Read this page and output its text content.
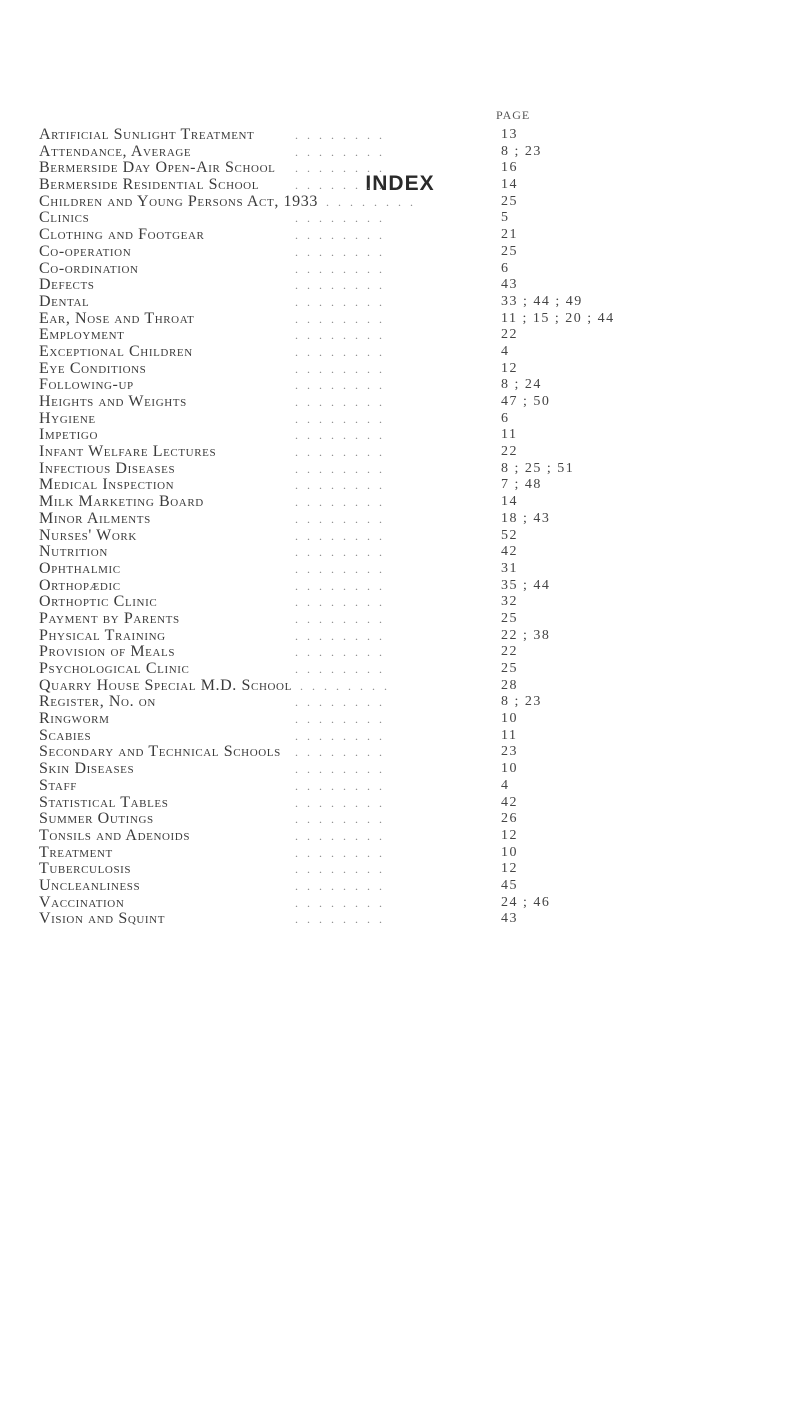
INDEX
PAGE
Artificial Sunlight Treatment	. . . . . . . .	13
Attendance, Average	. . . . . . . .	8 ; 23
Bermerside Day Open-Air School . . . . . . . .	16
Bermerside Residential School	. . . . . . . .	14
Children and Young Persons Act, 1933 . . . . . . . .	25
Clinics	. . . . . . . .	5
Clothing and Footgear	. . . . . . . .	21
Co-operation	. . . . . . . .	25
Co-ordination	. . . . . . . .	6
Defects	. . . . . . . .	43
Dental	. . . . . . . .	33 ; 44 ; 49
Ear, Nose and Throat	. . . . . . . .	11 ; 15 ; 20 ; 44
Employment	. . . . . . . .	22
Exceptional Children	. . . . . . . .	4
Eye Conditions	. . . . . . . .	12
Following-up	. . . . . . . .	8 ; 24
Heights and Weights	. . . . . . . .	47 ; 50
Hygiene	. . . . . . . .	6
Impetigo	. . . . . . . .	11
Infant Welfare Lectures	. . . . . . . .	22
Infectious Diseases	. . . . . . . .	8 ; 25 ; 51
Medical Inspection	. . . . . . . .	7 ; 48
Milk Marketing Board	. . . . . . . .	14
Minor Ailments	. . . . . . . .	18 ; 43
Nurses' Work	. . . . . . . .	52
Nutrition	. . . . . . . .	42
Ophthalmic	. . . . . . . .	31
Orthopædic	. . . . . . . .	35 ; 44
Orthoptic Clinic	. . . . . . . .	32
Payment by Parents	. . . . . . . .	25
Physical Training	. . . . . . . .	22 ; 38
Provision of Meals	. . . . . . . .	22
Psychological Clinic	. . . . . . . .	25
Quarry House Special M.D. School . . . . . . . .	28
Register, No. on	. . . . . . . .	8 ; 23
Ringworm	. . . . . . . .	10
Scabies	. . . . . . . .	11
Secondary and Technical Schools . . . . . . . .	23
Skin Diseases	. . . . . . . .	10
Staff	. . . . . . . .	4
Statistical Tables	. . . . . . . .	42
Summer Outings	. . . . . . . .	26
Tonsils and Adenoids	. . . . . . . .	12
Treatment	. . . . . . . .	10
Tuberculosis	. . . . . . . .	12
Uncleanliness	. . . . . . . .	45
Vaccination	. . . . . . . .	24 ; 46
Vision and Squint	. . . . . . . .	43
